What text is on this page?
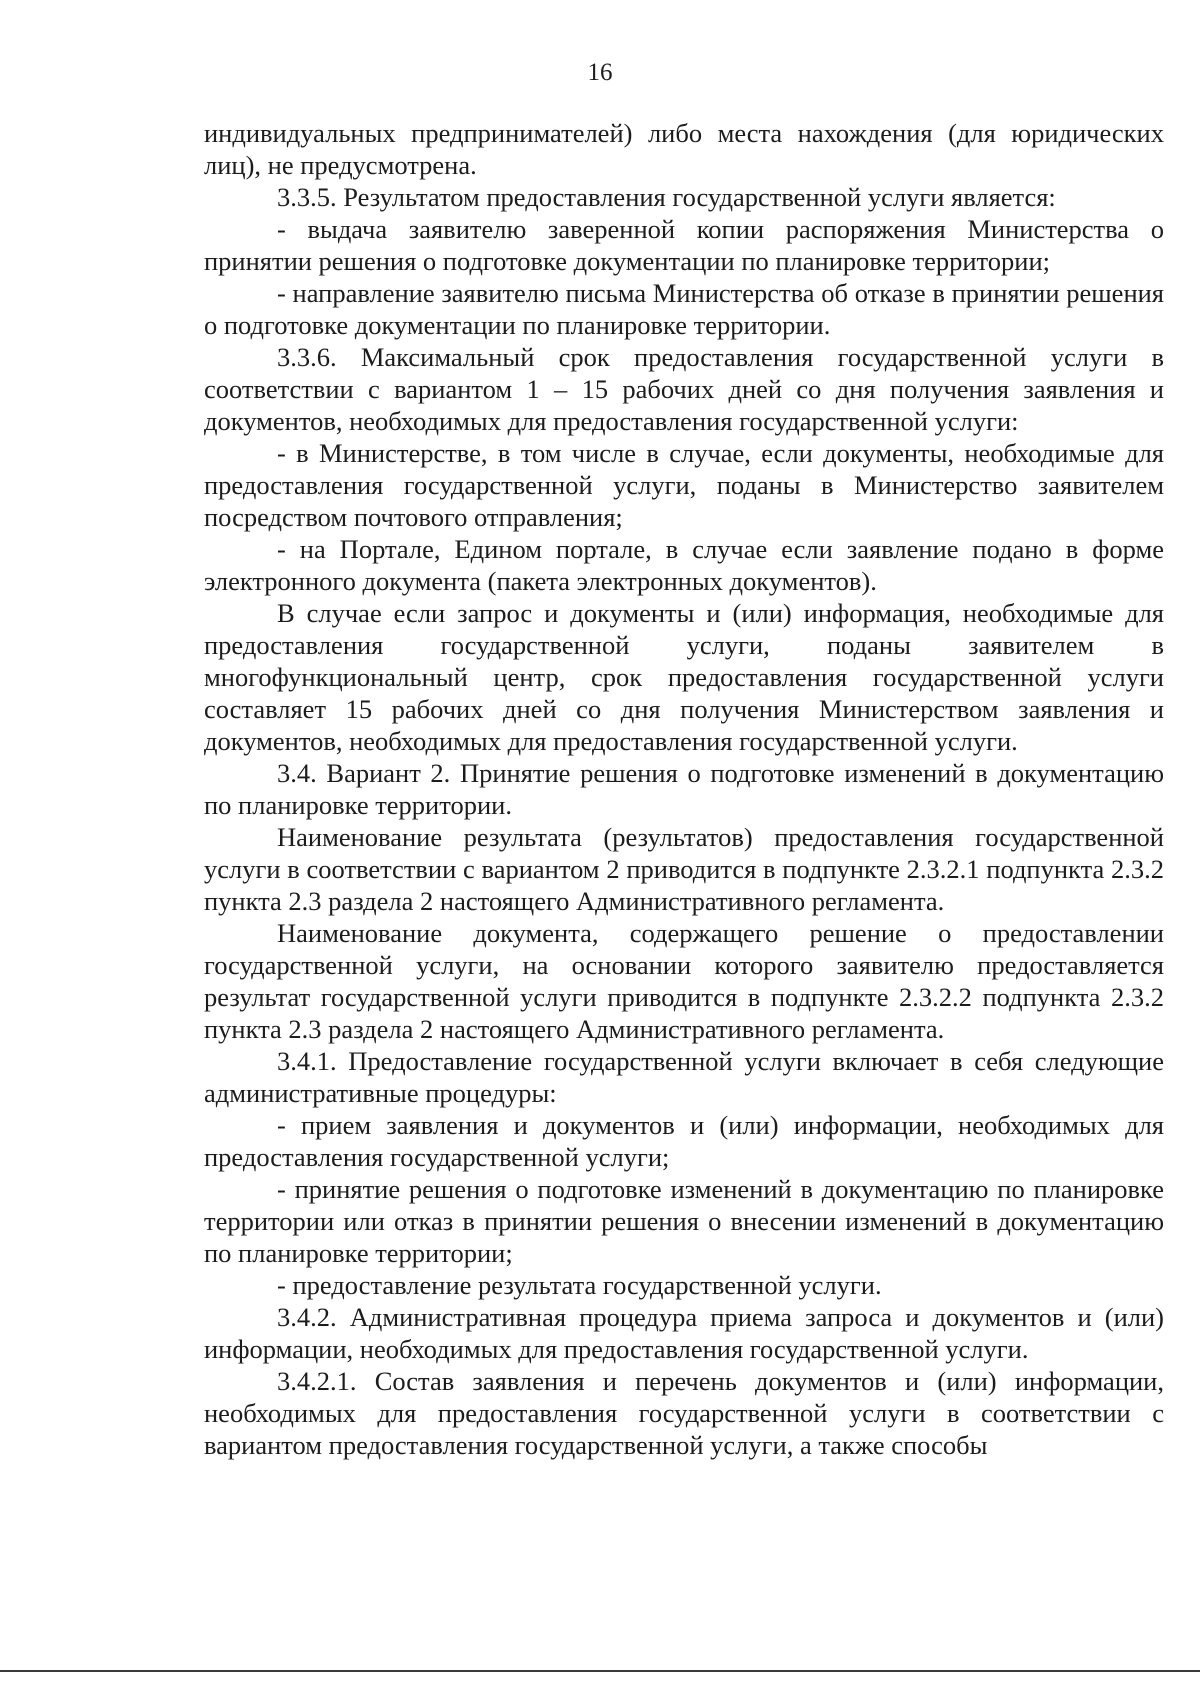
16

индивидуальных предпринимателей) либо места нахождения (для юридических лиц), не предусмотрена.

3.3.5. Результатом предоставления государственной услуги является:

- выдача заявителю заверенной копии распоряжения Министерства о принятии решения о подготовке документации по планировке территории;

- направление заявителю письма Министерства об отказе в принятии решения о подготовке документации по планировке территории.

3.3.6. Максимальный срок предоставления государственной услуги в соответствии с вариантом 1 – 15 рабочих дней со дня получения заявления и документов, необходимых для предоставления государственной услуги:

- в Министерстве, в том числе в случае, если документы, необходимые для предоставления государственной услуги, поданы в Министерство заявителем посредством почтового отправления;

- на Портале, Едином портале, в случае если заявление подано в форме электронного документа (пакета электронных документов).

В случае если запрос и документы и (или) информация, необходимые для предоставления государственной услуги, поданы заявителем в многофункциональный центр, срок предоставления государственной услуги составляет 15 рабочих дней со дня получения Министерством заявления и документов, необходимых для предоставления государственной услуги.

3.4. Вариант 2. Принятие решения о подготовке изменений в документацию по планировке территории.

Наименование результата (результатов) предоставления государственной услуги в соответствии с вариантом 2 приводится в подпункте 2.3.2.1 подпункта 2.3.2 пункта 2.3 раздела 2 настоящего Административного регламента.

Наименование документа, содержащего решение о предоставлении государственной услуги, на основании которого заявителю предоставляется результат государственной услуги приводится в подпункте 2.3.2.2 подпункта 2.3.2 пункта 2.3 раздела 2 настоящего Административного регламента.

3.4.1. Предоставление государственной услуги включает в себя следующие административные процедуры:

- прием заявления и документов и (или) информации, необходимых для предоставления государственной услуги;

- принятие решения о подготовке изменений в документацию по планировке территории или отказ в принятии решения о внесении изменений в документацию по планировке территории;

- предоставление результата государственной услуги.

3.4.2. Административная процедура приема запроса и документов и (или) информации, необходимых для предоставления государственной услуги.

3.4.2.1. Состав заявления и перечень документов и (или) информации, необходимых для предоставления государственной услуги в соответствии с вариантом предоставления государственной услуги, а также способы
